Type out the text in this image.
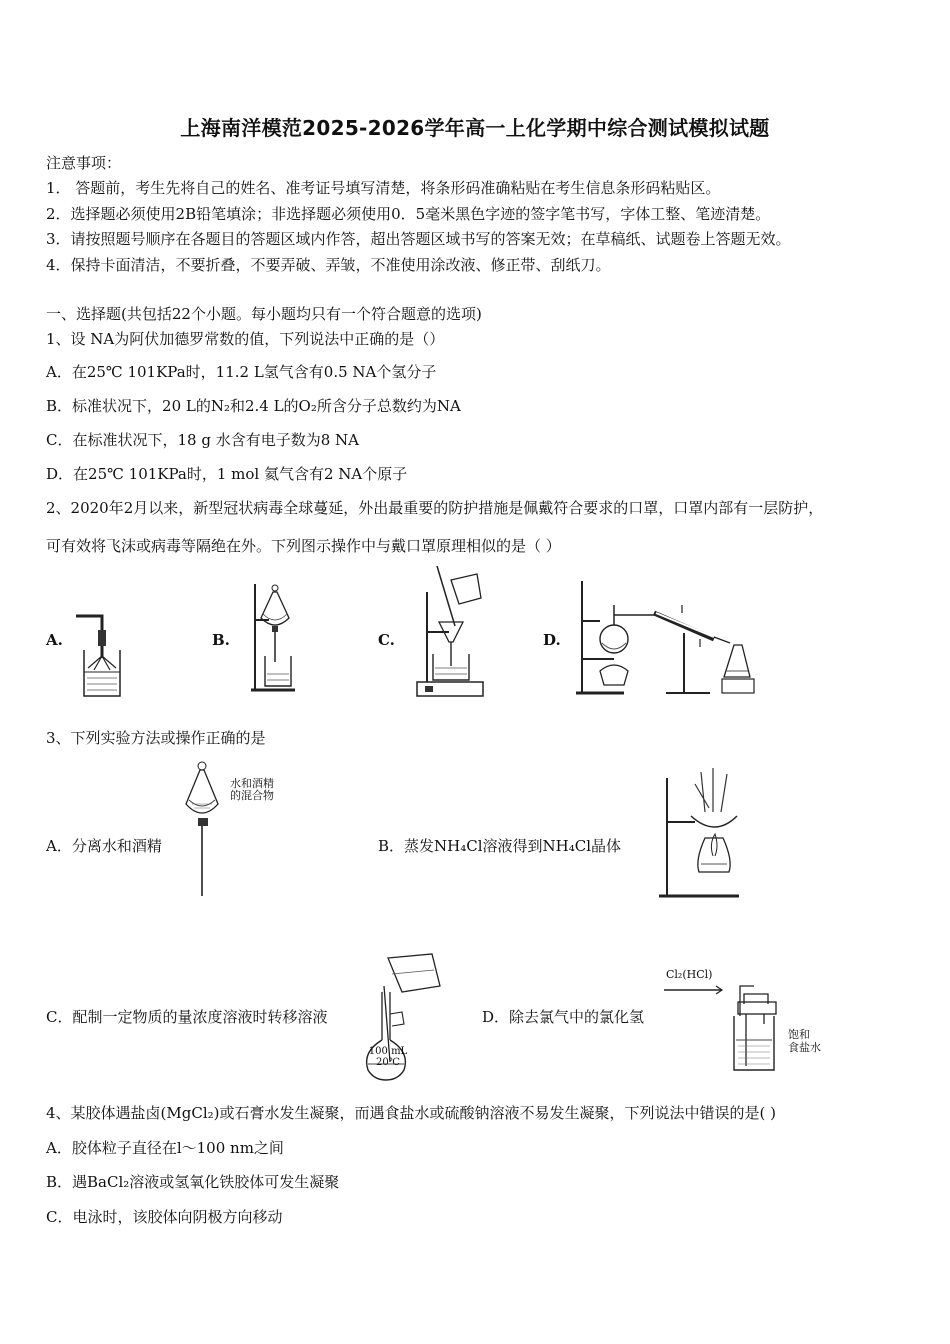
上海南洋模范2025-2026学年高一上化学期中综合测试模拟试题
注意事项：
1． 答题前，考生先将自己的姓名、准考证号填写清楚，将条形码准确粘贴在考生信息条形码粘贴区。
2．选择题必须使用2B铅笔填涂；非选择题必须使用0．5毫米黑色字迹的签字笔书写，字体工整、笔迹清楚。
3．请按照题号顺序在各题目的答题区域内作答，超出答题区域书写的答案无效；在草稿纸、试题卷上答题无效。
4．保持卡面清洁，不要折叠，不要弄破、弄皱，不准使用涂改液、修正带、刮纸刀。
一、选择题(共包括22个小题。每小题均只有一个符合题意的选项)
1、设 NA为阿伏加德罗常数的值，下列说法中正确的是（）
A．在25℃ 101KPa时，11.2 L氢气含有0.5 NA个氢分子
B．标准状况下，20 L的N₂和2.4 L的O₂所含分子总数约为NA
C．在标准状况下，18 g 水含有电子数为8 NA
D．在25℃ 101KPa时，1 mol 氦气含有2 NA个原子
2、2020年2月以来，新型冠状病毒全球蔓延，外出最重要的防护措施是佩戴符合要求的口罩，口罩内部有一层防护，
可有效将飞沫或病毒等隔绝在外。下列图示操作中与戴口罩原理相似的是（ ）
A.	B.	C.	D.
3、下列实验方法或操作正确的是
A．分离水和酒精
水和酒精
的混合物
B．蒸发NH₄Cl溶液得到NH₄Cl晶体
C．配制一定物质的量浓度溶液时转移溶液
100 mL
20℃
D．除去氯气中的氯化氢
Cl₂(HCl)
饱和
食盐水
4、某胶体遇盐卤(MgCl₂)或石膏水发生凝聚，而遇食盐水或硫酸钠溶液不易发生凝聚，下列说法中错误的是( )
A．胶体粒子直径在l～100 nm之间
B．遇BaCl₂溶液或氢氧化铁胶体可发生凝聚
C．电泳时，该胶体向阴极方向移动
